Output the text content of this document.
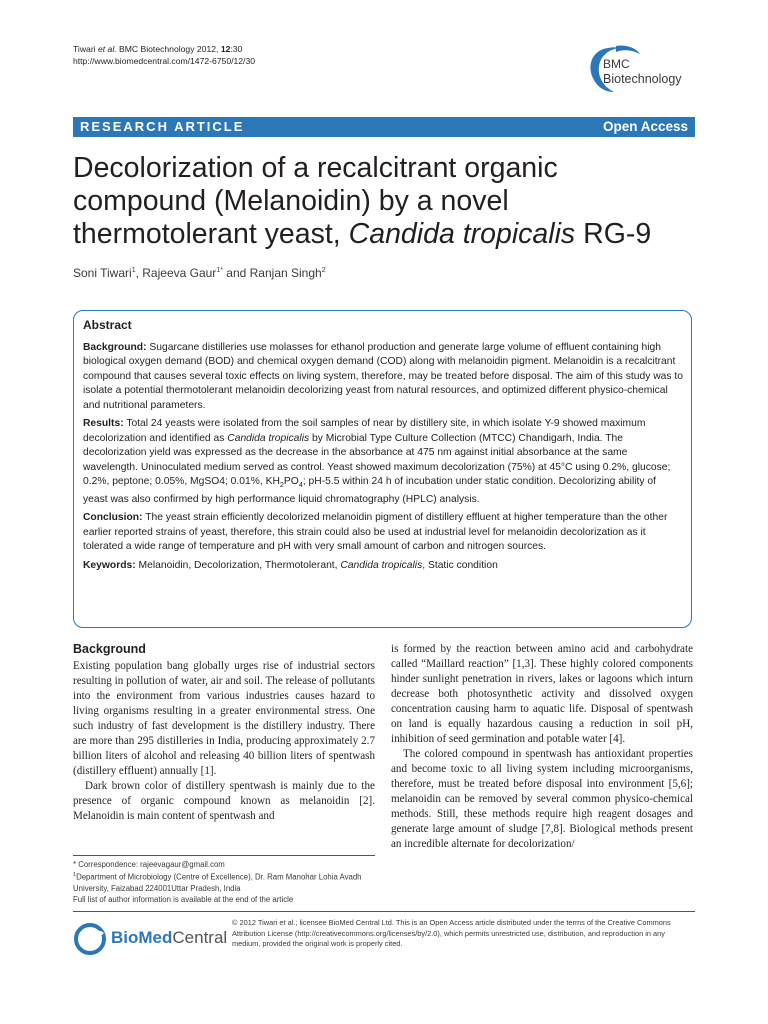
Tiwari et al. BMC Biotechnology 2012, 12:30
http://www.biomedcentral.com/1472-6750/12/30	BMC
Biotechnology
RESEARCH ARTICLE	Open Access
Decolorization of a recalcitrant organic
compound (Melanoidin) by a novel
thermotolerant yeast, Candida tropicalis RG-9
Soni Tiwari$^1$, Rajeeva Gaur$^{1*}$ and Ranjan Singh$^2$
Abstract

Background: Sugarcane distilleries use molasses for ethanol production and generate large volume of effluent containing high biological oxygen demand (BOD) and chemical oxygen demand (COD) along with melanoidin pigment. Melanoidin is a recalcitrant compound that causes several toxic effects on living system, therefore, may be treated before disposal. The aim of this study was to isolate a potential thermotolerant melanoidin decolorizing yeast from natural resources, and optimized different physico-chemical and nutritional parameters.

Results: Total 24 yeasts were isolated from the soil samples of near by distillery site, in which isolate Y-9 showed maximum decolorization and identified as Candida tropicalis by Microbial Type Culture Collection (MTCC) Chandigarh, India. The decolorization yield was expressed as the decrease in the absorbance at 475 nm against initial absorbance at the same wavelength. Uninoculated medium served as control. Yeast showed maximum decolorization (75%) at 45°C using 0.2%, glucose; 0.2%, peptone; 0.05%, MgSO4; 0.01%, $KH_2PO_4$; pH-5.5 within 24 h of incubation under static condition. Decolorizing ability of yeast was also confirmed by high performance liquid chromatography (HPLC) analysis.

Conclusion: The yeast strain efficiently decolorized melanoidin pigment of distillery effluent at higher temperature than the other earlier reported strains of yeast, therefore, this strain could also be used at industrial level for melanoidin decolorization as it tolerated a wide range of temperature and pH with very small amount of carbon and nitrogen sources.

Keywords: Melanoidin, Decolorization, Thermotolerant, Candida tropicalis, Static condition

Background

Existing population bang globally urges rise of industrial sectors resulting in pollution of water, air and soil. The release of pollutants into the environment from various industries causes hazard to living organisms resulting in a greater environmental stress. One such industry of fast development is the distillery industry. There are more than 295 distilleries in India, producing approximately 2.7 billion liters of alcohol and releasing 40 billion liters of spentwash (distillery effluent) annually [1].

Dark brown color of distillery spentwash is mainly due to the presence of organic compound known as melanoidin [2]. Melanoidin is main content of spentwash and

is formed by the reaction between amino acid and carbohydrate called “Maillard reaction” [1,3]. These highly colored components hinder sunlight penetration in rivers, lakes or lagoons which inturn decrease both photosynthetic activity and dissolved oxygen concentration causing harm to aquatic life. Disposal of spentwash on land is equally hazardous causing a reduction in soil pH, inhibition of seed germination and potable water [4].

The colored compound in spentwash has antioxidant properties and become toxic to all living system including microorganisms, therefore, must be treated before disposal into environment [5,6]; melanoidin can be removed by several common physico-chemical methods. Still, these methods require high reagent dosages and generate large amount of sludge [7,8]. Biological methods present an incredible alternate for decolorization/

* Correspondence: rajeevagaur@gmail.com
$^1$Department of Microbiology (Centre of Excellence), Dr. Ram Manohar Lohia Avadh University, Faizabad 224001Uttar Pradesh, India
Full list of author information is available at the end of the article
BioMedCentral
© 2012 Tiwari et al.; licensee BioMed Central Ltd. This is an Open Access article distributed under the terms of the Creative Commons Attribution License (http://creativecommons.org/licenses/by/2.0), which permits unrestricted use, distribution, and reproduction in any medium, provided the original work is properly cited.
